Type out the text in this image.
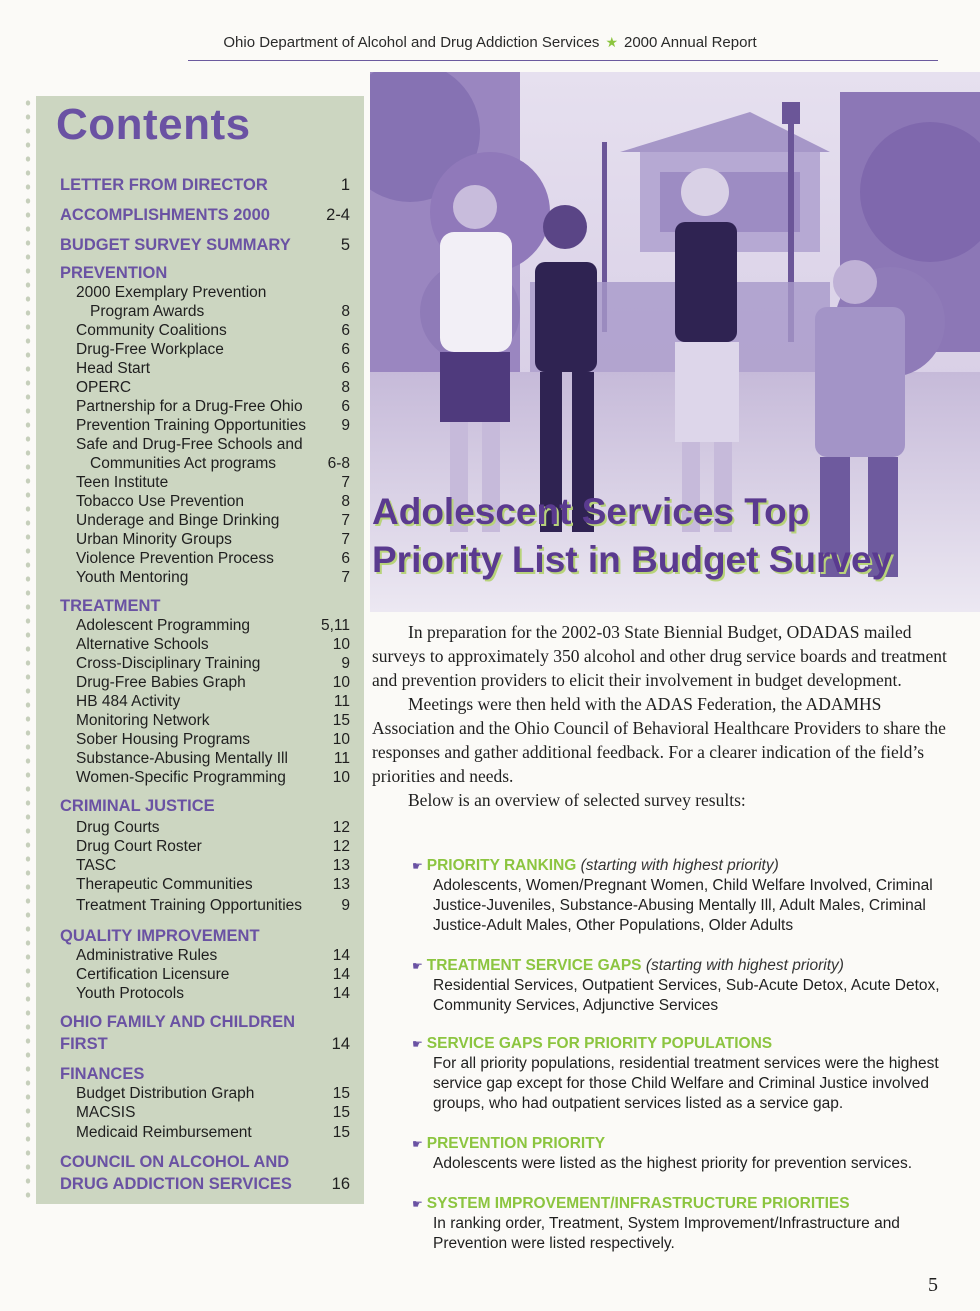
Ohio Department of Alcohol and Drug Addiction Services ★ 2000 Annual Report
Contents
LETTER FROM DIRECTOR	1
ACCOMPLISHMENTS 2000	2-4
BUDGET SURVEY SUMMARY	5
PREVENTION
2000 Exemplary Prevention
Program Awards	8
Community Coalitions	6
Drug-Free Workplace	6
Head Start	6
OPERC	8
Partnership for a Drug-Free Ohio	6
Prevention Training Opportunities 9
Safe and Drug-Free Schools and
Communities Act programs	6-8
Teen Institute	7
Tobacco Use Prevention	8
Underage and Binge Drinking	7
Urban Minority Groups	7
Violence Prevention Process	6
Youth Mentoring	7
TREATMENT
Adolescent Programming	5,11
Alternative Schools	10
Cross-Disciplinary Training	9
Drug-Free Babies Graph	10
HB 484 Activity	11
Monitoring Network	15
Sober Housing Programs	10
Substance-Abusing Mentally Ill	11
Women-Specific Programming	10
CRIMINAL JUSTICE
Drug Courts	12
Drug Court Roster	12
TASC	13
Therapeutic Communities	13
Treatment Training Opportunities	9
QUALITY IMPROVEMENT
Administrative Rules	14
Certification Licensure	14
Youth Protocols	14
OHIO FAMILY AND CHILDREN
FIRST	14
FINANCES
Budget Distribution Graph	15
MACSIS	15
Medicaid Reimbursement	15
COUNCIL ON ALCOHOL AND
DRUG ADDICTION SERVICES 16
Adolescent Services Top
Priority List in Budget Survey

In preparation for the 2002-03 State Biennial Budget, ODADAS mailed surveys to approximately 350 alcohol and other drug service boards and treatment and prevention providers to elicit their involvement in budget development.

Meetings were then held with the ADAS Federation, the ADAMHS Association and the Ohio Council of Behavioral Healthcare Providers to share the responses and gather additional feedback. For a clearer indication of the field’s priorities and needs.

Below is an overview of selected survey results:

☛ PRIORITY RANKING (starting with highest priority)
Adolescents, Women/Pregnant Women, Child Welfare Involved, Criminal Justice-Juveniles, Substance-Abusing Mentally Ill, Adult Males, Criminal Justice-Adult Males, Other Populations, Older Adults
☛ TREATMENT SERVICE GAPS (starting with highest priority)
Residential Services, Outpatient Services, Sub-Acute Detox, Acute Detox, Community Services, Adjunctive Services
☛ SERVICE GAPS FOR PRIORITY POPULATIONS
For all priority populations, residential treatment services were the highest service gap except for those Child Welfare and Criminal Justice involved groups, who had outpatient services listed as a service gap.
☛ PREVENTION PRIORITY
Adolescents were listed as the highest priority for prevention services.
☛ SYSTEM IMPROVEMENT/INFRASTRUCTURE PRIORITIES
In ranking order, Treatment, System Improvement/Infrastructure and Prevention were listed respectively.
5
